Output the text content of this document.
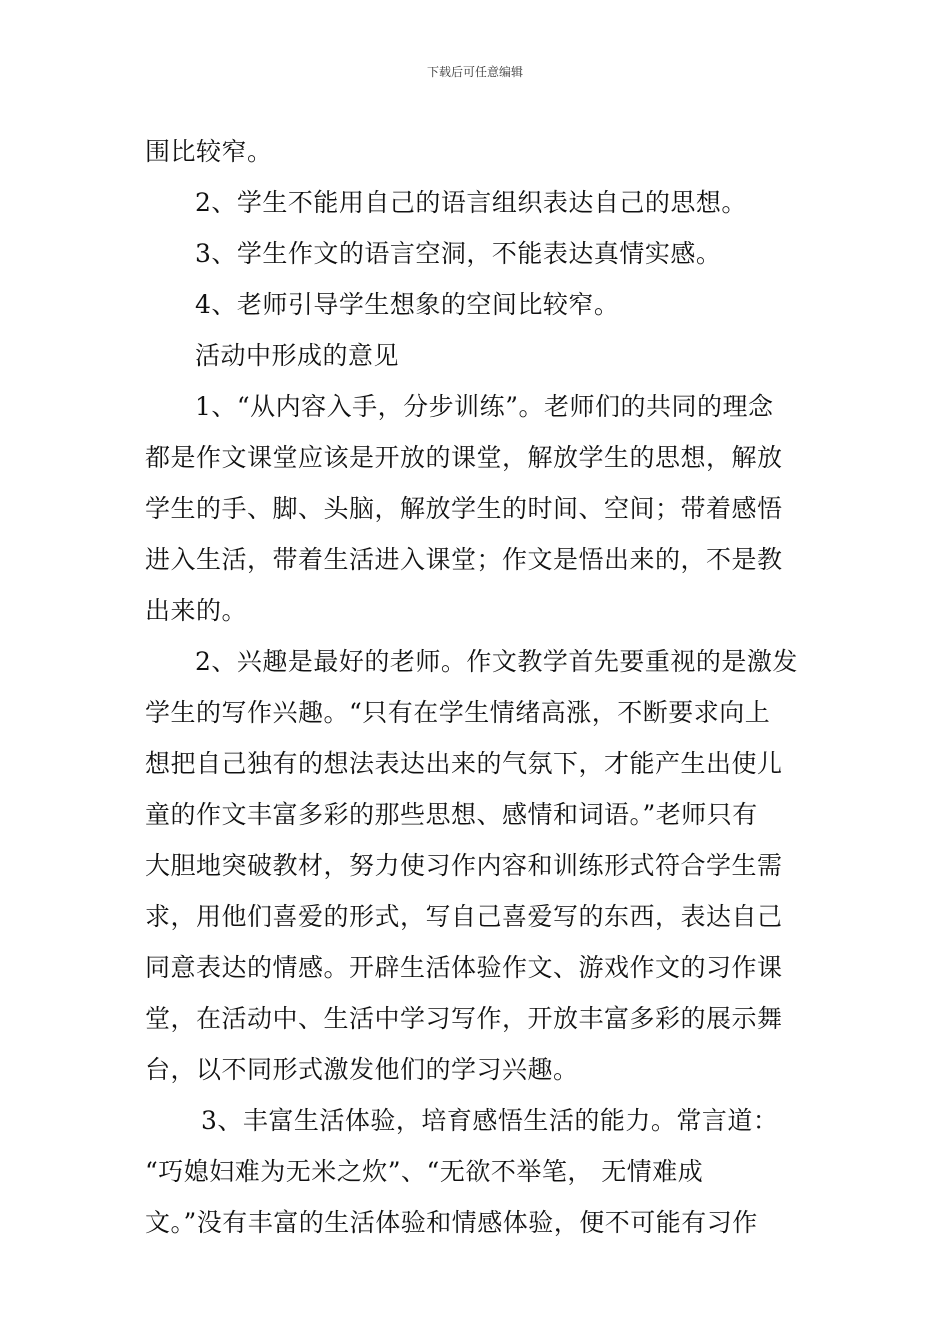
下载后可任意编辑
围比较窄。
2、学生不能用自己的语言组织表达自己的思想。
3、学生作文的语言空洞，不能表达真情实感。
4、老师引导学生想象的空间比较窄。
活动中形成的意见
1、“从内容入手，分步训练”。老师们的共同的理念
都是作文课堂应该是开放的课堂，解放学生的思想，解放
学生的手、脚、头脑，解放学生的时间、空间；带着感悟
进入生活，带着生活进入课堂；作文是悟出来的，不是教
出来的。
2、兴趣是最好的老师。作文教学首先要重视的是激发
学生的写作兴趣。“只有在学生情绪高涨，不断要求向上
想把自己独有的想法表达出来的气氛下，才能产生出使儿
童的作文丰富多彩的那些思想、感情和词语。”老师只有
大胆地突破教材，努力使习作内容和训练形式符合学生需
求，用他们喜爱的形式，写自己喜爱写的东西，表达自己
同意表达的情感。开辟生活体验作文、游戏作文的习作课
堂，在活动中、生活中学习写作，开放丰富多彩的展示舞
台，以不同形式激发他们的学习兴趣。
3、丰富生活体验，培育感悟生活的能力。常言道：
“巧媳妇难为无米之炊”、“无欲不举笔， 无情难成
文。”没有丰富的生活体验和情感体验，便不可能有习作
